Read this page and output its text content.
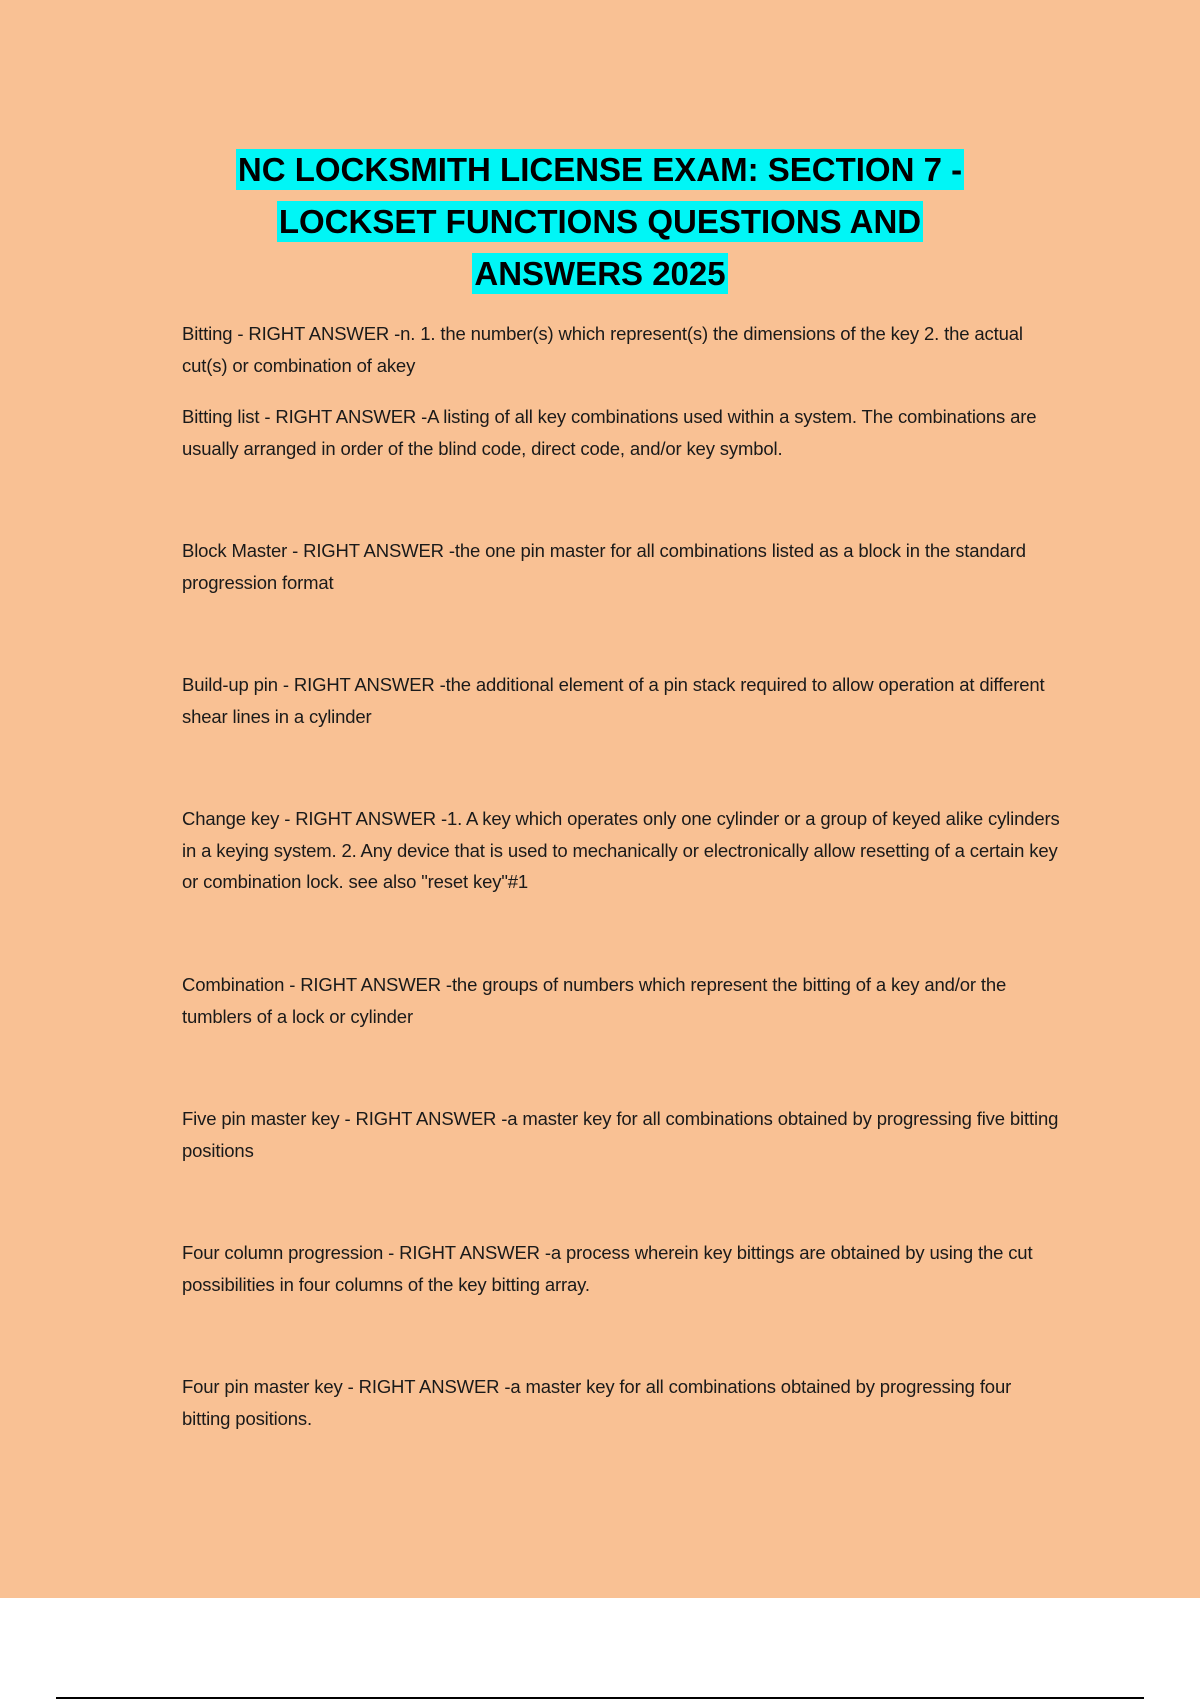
NC LOCKSMITH LICENSE EXAM: SECTION 7 -
LOCKSET FUNCTIONS QUESTIONS AND
ANSWERS 2025
Bitting - RIGHT ANSWER -n. 1. the number(s) which represent(s) the dimensions of the key 2. the actual cut(s) or combination of akey
Bitting list - RIGHT ANSWER -A listing of all key combinations used within a system. The combinations are usually arranged in order of the blind code, direct code, and/or key symbol.
Block Master - RIGHT ANSWER -the one pin master for all combinations listed as a block in the standard progression format
Build-up pin - RIGHT ANSWER -the additional element of a pin stack required to allow operation at different shear lines in a cylinder
Change key - RIGHT ANSWER -1. A key which operates only one cylinder or a group of keyed alike cylinders in a keying system. 2. Any device that is used to mechanically or electronically allow resetting of a certain key or combination lock. see also "reset key"#1
Combination - RIGHT ANSWER -the groups of numbers which represent the bitting of a key and/or the tumblers of a lock or cylinder
Five pin master key - RIGHT ANSWER -a master key for all combinations obtained by progressing five bitting positions
Four column progression - RIGHT ANSWER -a process wherein key bittings are obtained by using the cut possibilities in four columns of the key bitting array.
Four pin master key - RIGHT ANSWER -a master key for all combinations obtained by progressing four bitting positions.
